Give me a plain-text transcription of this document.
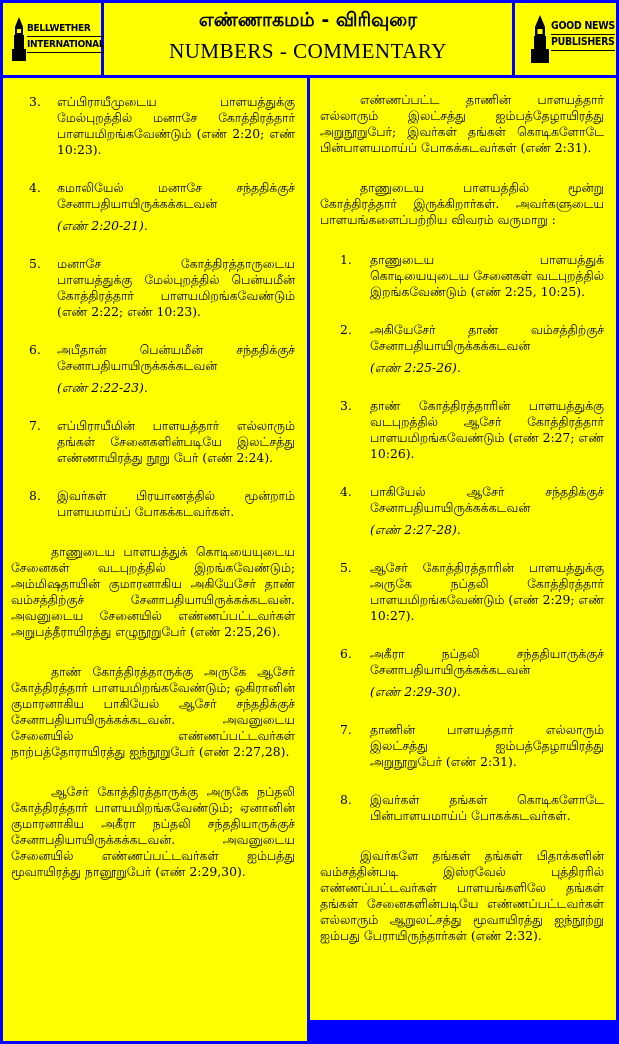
BELLWETHER
INTERNATIONAL
எண்ணாகமம் - விரிவுரை
NUMBERS - COMMENTARY
GOOD NEWS
PUBLISHERS
3. எப்பிராயீமுடைய பாளயத்துக்கு மேல்புறத்தில் மனாசே கோத்திரத்தார் பாளயமிறங்கவேண்டும் (எண் 2:20; எண் 10:23).
4. கமாலியேல் மனாசே சந்ததிக்குச் சேனாபதியாயிருக்கக்கடவன்
(எண் 2:20-21).
5. மனாசே கோத்திரத்தாருடைய பாளயத்துக்கு மேல்புறத்தில் பென்யமீன் கோத்திரத்தார் பாளயமிறங்கவேண்டும் (எண் 2:22; எண் 10:23).
6. அபீதான் பென்யமீன் சந்ததிக்குச் சேனாபதியாயிருக்கக்கடவன்
(எண் 2:22-23).
7. எப்பிராயீமின் பாளயத்தார் எல்லாரும் தங்கள் சேனைகளின்படியே இலட்சத்து எண்ணாயிரத்து நூறு பேர் (எண் 2:24).
8. இவர்கள் பிரயாணத்தில் மூன்றாம் பாளயமாய்ப் போகக்கடவர்கள்.
தாணுடைய பாளயத்துக் கொடியையுடைய சேனைகள் வடபுறத்தில் இறங்கவேண்டும்; அம்மிஷதாயின் குமாரனாகிய அகியேசேர் தாண் வம்சத்திற்குச் சேனாபதியாயிருக்கக்கடவன். அவனுடைய சேனையில் எண்ணப்பட்டவர்கள் அறுபத்தீராயிரத்து எழுநூறுபேர் (எண் 2:25,26).
தாண் கோத்திரத்தாருக்கு அருகே ஆசேர் கோத்திரத்தார் பாளயமிறங்கவேண்டும்; ஒகிரானின் குமாரனாகிய பாகியேல் ஆசேர் சந்ததிக்குச் சேனாபதியாயிருக்கக்கடவன். அவனுடைய சேனையில் எண்ணப்பட்டவர்கள் நாற்பத்தோராயிரத்து ஐந்நூறுபேர் (எண் 2:27,28).
ஆசேர் கோத்திரத்தாருக்கு அருகே நப்தலி கோத்திரத்தார் பாளயமிறங்கவேண்டும்; ஏனானின் குமாரனாகிய அகீரா நப்தலி சந்ததியாருக்குச் சேனாபதியாயிருக்கக்கடவன். அவனுடைய சேனையில் எண்ணப்பட்டவர்கள் ஐம்பத்து மூவாயிரத்து நானூறுபேர் (எண் 2:29,30).
எண்ணப்பட்ட தாணின் பாளயத்தார் எல்லாரும் இலட்சத்து ஐம்பத்தேழாயிரத்து அறுநூறுபேர்; இவர்கள் தங்கள் கொடிகளோடே பின்பாளயமாய்ப் போகக்கடவர்கள் (எண் 2:31).
தாணுடைய பாளயத்தில் மூன்று கோத்திரத்தார் இருக்கிறார்கள். அவர்களுடைய பாளயங்களைப்பற்றிய விவரம் வருமாறு :
1. தாணுடைய பாளயத்துக் கொடியையுடைய சேனைகள் வடபுறத்தில் இறங்கவேண்டும் (எண் 2:25, 10:25).
2. அகியேசேர் தாண் வம்சத்திற்குச் சேனாபதியாயிருக்கக்கடவன்
(எண் 2:25-26).
3. தாண் கோத்திரத்தாரின் பாளயத்துக்கு வடபுறத்தில் ஆசேர் கோத்திரத்தார் பாளயமிறங்கவேண்டும் (எண் 2:27; எண் 10:26).
4. பாகியேல் ஆசேர் சந்ததிக்குச் சேனாபதியாயிருக்கக்கடவன்
(எண் 2:27-28).
5. ஆசேர் கோத்திரத்தாரின் பாளயத்துக்கு அருகே நப்தலி கோத்திரத்தார் பாளயமிறங்கவேண்டும் (எண் 2:29; எண் 10:27).
6. அகீரா நப்தலி சந்ததியாருக்குச் சேனாபதியாயிருக்கக்கடவன்
(எண் 2:29-30).
7. தாணின் பாளயத்தார் எல்லாரும் இலட்சத்து ஐம்பத்தேழாயிரத்து அறுநூறுபேர் (எண் 2:31).
8. இவர்கள் தங்கள் கொடிகளோடே பின்பாளயமாய்ப் போகக்கடவர்கள்.
இவர்களே தங்கள் தங்கள் பிதாக்களின் வம்சத்தின்படி இஸ்ரவேல் புத்திரரில் எண்ணப்பட்டவர்கள் பாளயங்களிலே தங்கள் தங்கள் சேனைகளின்படியே எண்ணப்பட்டவர்கள் எல்லாரும் ஆறுலட்சத்து மூவாயிரத்து ஐந்நூற்று ஐம்பது பேராயிருந்தார்கள் (எண் 2:32).
